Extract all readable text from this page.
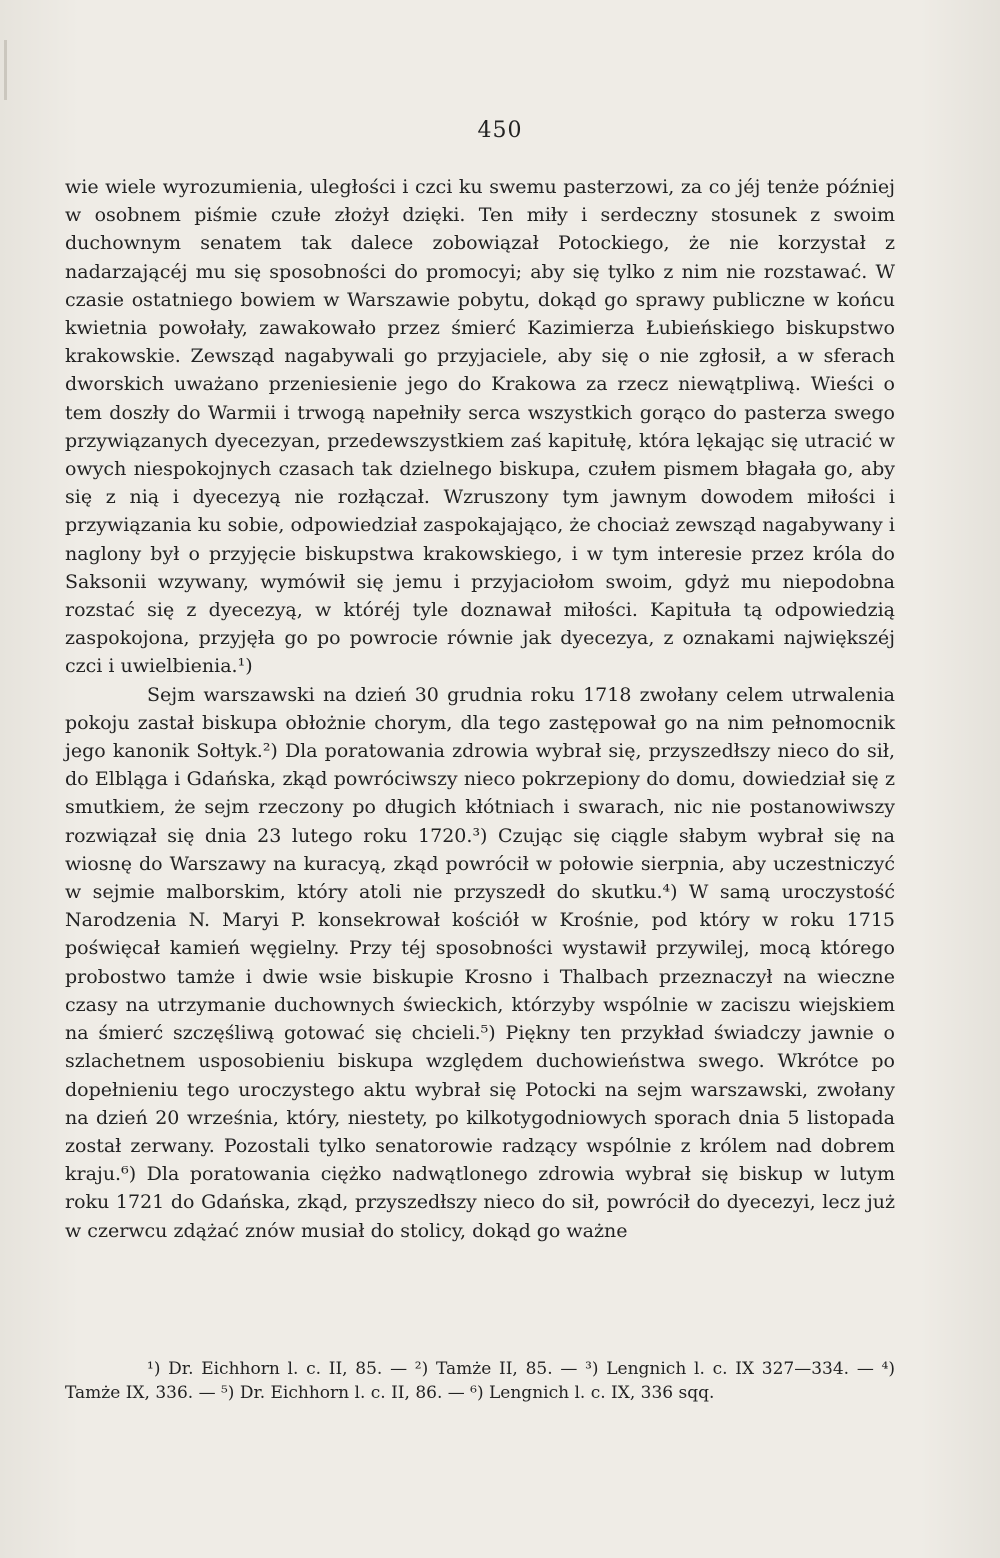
450

wie wiele wyrozumienia, uległości i czci ku swemu pasterzowi, za co jéj tenże później w osobnem piśmie czułe złożył dzięki. Ten miły i serdeczny stosunek z swoim duchownym senatem tak dalece zobowiązał Potockiego, że nie korzystał z nadarzającéj mu się sposobności do promocyi; aby się tylko z nim nie rozstawać. W czasie ostatniego bowiem w Warszawie pobytu, dokąd go sprawy publiczne w końcu kwietnia powołały, zawakowało przez śmierć Kazimierza Łubieńskiego biskupstwo krakowskie. Zewsząd nagabywali go przyjaciele, aby się o nie zgłosił, a w sferach dworskich uważano przeniesienie jego do Krakowa za rzecz niewątpliwą. Wieści o tem doszły do Warmii i trwogą napełniły serca wszystkich gorąco do pasterza swego przywiązanych dyecezyan, przedewszystkiem zaś kapitułę, która lękając się utracić w owych niespokojnych czasach tak dzielnego biskupa, czułem pismem błagała go, aby się z nią i dyecezyą nie rozłączał. Wzruszony tym jawnym dowodem miłości i przywiązania ku sobie, odpowiedział zaspokajająco, że chociaż zewsząd nagabywany i naglony był o przyjęcie biskupstwa krakowskiego, i w tym interesie przez króla do Saksonii wzywany, wymówił się jemu i przyjaciołom swoim, gdyż mu niepodobna rozstać się z dyecezyą, w któréj tyle doznawał miłości. Kapituła tą odpowiedzią zaspokojona, przyjęła go po powrocie równie jak dyecezya, z oznakami największéj czci i uwielbienia.¹)

Sejm warszawski na dzień 30 grudnia roku 1718 zwołany celem utrwalenia pokoju zastał biskupa obłożnie chorym, dla tego zastępował go na nim pełnomocnik jego kanonik Sołtyk.²) Dla poratowania zdrowia wybrał się, przyszedłszy nieco do sił, do Elbląga i Gdańska, zkąd powróciwszy nieco pokrzepiony do domu, dowiedział się z smutkiem, że sejm rzeczony po długich kłótniach i swarach, nic nie postanowiwszy rozwiązał się dnia 23 lutego roku 1720.³) Czując się ciągle słabym wybrał się na wiosnę do Warszawy na kuracyą, zkąd powrócił w połowie sierpnia, aby uczestniczyć w sejmie malborskim, który atoli nie przyszedł do skutku.⁴) W samą uroczystość Narodzenia N. Maryi P. konsekrował kościół w Krośnie, pod który w roku 1715 poświęcał kamień węgielny. Przy téj sposobności wystawił przywilej, mocą którego probostwo tamże i dwie wsie biskupie Krosno i Thalbach przeznaczył na wieczne czasy na utrzymanie duchownych świeckich, którzyby wspólnie w zaciszu wiejskiem na śmierć szczęśliwą gotować się chcieli.⁵) Piękny ten przykład świadczy jawnie o szlachetnem usposobieniu biskupa względem duchowieństwa swego. Wkrótce po dopełnieniu tego uroczystego aktu wybrał się Potocki na sejm warszawski, zwołany na dzień 20 września, który, niestety, po kilkotygodniowych sporach dnia 5 listopada został zerwany. Pozostali tylko senatorowie radzący wspólnie z królem nad dobrem kraju.⁶) Dla poratowania ciężko nadwątlonego zdrowia wybrał się biskup w lutym roku 1721 do Gdańska, zkąd, przyszedłszy nieco do sił, powrócił do dyecezyi, lecz już w czerwcu zdążać znów musiał do stolicy, dokąd go ważne

¹) Dr. Eichhorn l. c. II, 85. — ²) Tamże II, 85. — ³) Lengnich l. c. IX 327—334. — ⁴) Tamże IX, 336. — ⁵) Dr. Eichhorn l. c. II, 86. — ⁶) Lengnich l. c. IX, 336 sqq.
